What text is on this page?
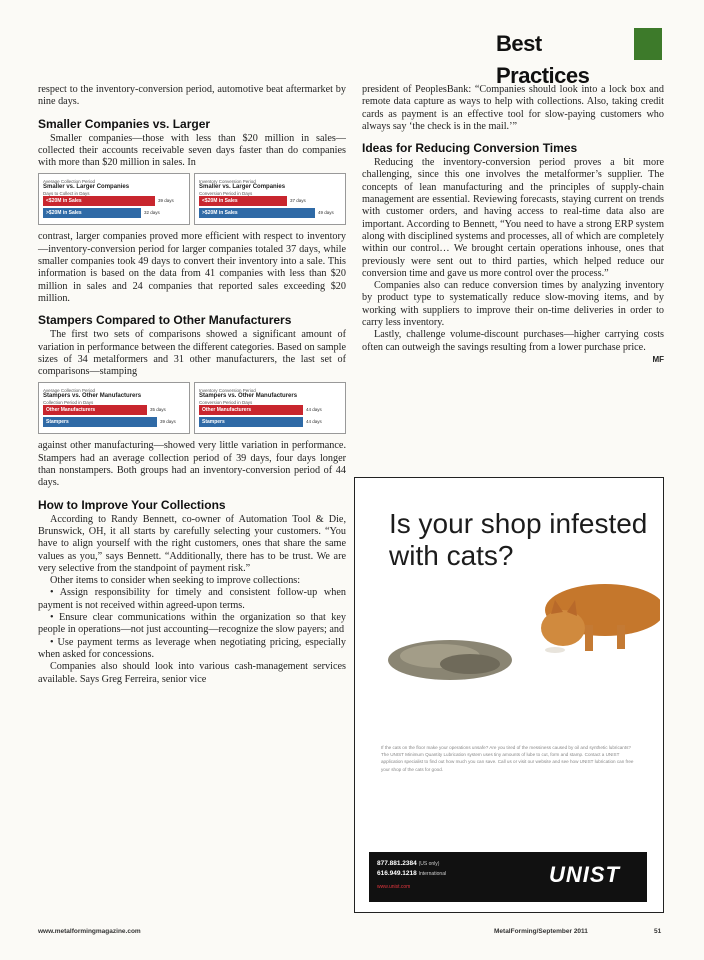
Best Practices

respect to the inventory-conversion period, automotive beat aftermarket by nine days.

Smaller Companies vs. Larger

Smaller companies—those with less than $20 million in sales—collected their accounts receivable seven days faster than do companies with more than $20 million in sales. In

Average Collection Period
Smaller vs. Larger Companies
Days to Collect in Days
<$20M in Sales	39 days
>$20M in Sales	32 days
Inventory Conversion Period
Smaller vs. Larger Companies
Conversion Period in Days
<$20M in Sales	37 days
>$20M in Sales	49 days

contrast, larger companies proved more efficient with respect to inventory—inventory-conversion period for larger companies totaled 37 days, while smaller companies took 49 days to convert their inventory into a sale. This information is based on the data from 41 companies with less than $20 million in sales and 24 companies that reported sales exceeding $20 million.

Stampers Compared to Other Manufacturers

The first two sets of comparisons showed a significant amount of variation in performance between the different categories. Based on sample sizes of 34 metalformers and 31 other manufacturers, the last set of comparisons—stamping

Average Collection Period
Stampers vs. Other Manufacturers
Collection Period in Days
Other Manufacturers	35 days
Stampers	39 days
Inventory Conversion Period
Stampers vs. Other Manufacturers
Conversion Period in Days
Other Manufacturers	44 days
Stampers	44 days

against other manufacturing—showed very little variation in performance. Stampers had an average collection period of 39 days, four days longer than nonstampers. Both groups had an inventory-conversion period of 44 days.

How to Improve Your Collections

According to Randy Bennett, co-owner of Automation Tool & Die, Brunswick, OH, it all starts by carefully selecting your customers. “You have to align yourself with the right customers, ones that share the same values as you,” says Bennett. “Additionally, there has to be trust. We are very selective from the standpoint of payment risk.”

Other items to consider when seeking to improve collections:

• Assign responsibility for timely and consistent follow-up when payment is not received within agreed-upon terms.

• Ensure clear communications within the organization so that key people in operations—not just accounting—recognize the slow payers; and

• Use payment terms as leverage when negotiating pricing, especially when asked for concessions.

Companies also should look into various cash-management services available. Says Greg Ferreira, senior vice

president of PeoplesBank: “Companies should look into a lock box and remote data capture as ways to help with collections. Also, taking credit cards as payment is an effective tool for slow-paying customers who always say ‘the check is in the mail.’”

Ideas for Reducing Conversion Times

Reducing the inventory-conversion period proves a bit more challenging, since this one involves the metalformer’s supplier. The concepts of lean manufacturing and the principles of supply-chain management are essential. Reviewing forecasts, staying current on trends with customer orders, and having access to real-time data also are important. According to Bennett, “You need to have a strong ERP system along with disciplined systems and processes, all of which are completely within our control… We brought certain operations inhouse, ones that previously were sent out to third parties, which helped reduce our conversion time and gave us more control over the process.”

Companies also can reduce conversion times by analyzing inventory by product type to systematically reduce slow-moving items, and by working with suppliers to improve their on-time deliveries in order to carry less inventory.

Lastly, challenge volume-discount purchases—higher carrying costs often can outweigh the savings resulting from a lower purchase price.
MF

Is your shop infested
with cats?
If the cats on the floor make your operations unsafe? Are you tired of the messiness caused by oil and synthetic lubricants? The UNIST Minimum Quantity Lubrication system uses tiny amounts of lube to cut, form and stamp. Contact a UNIST application specialist to find out how much you can save. Call us or visit our website and see how UNIST lubrication can free your shop of the cats for good.
877.881.2384 (US only)
616.949.1218 International
www.unist.com	UNIST
www.metalformingmagazine.com	MetalForming/September 2011	51
